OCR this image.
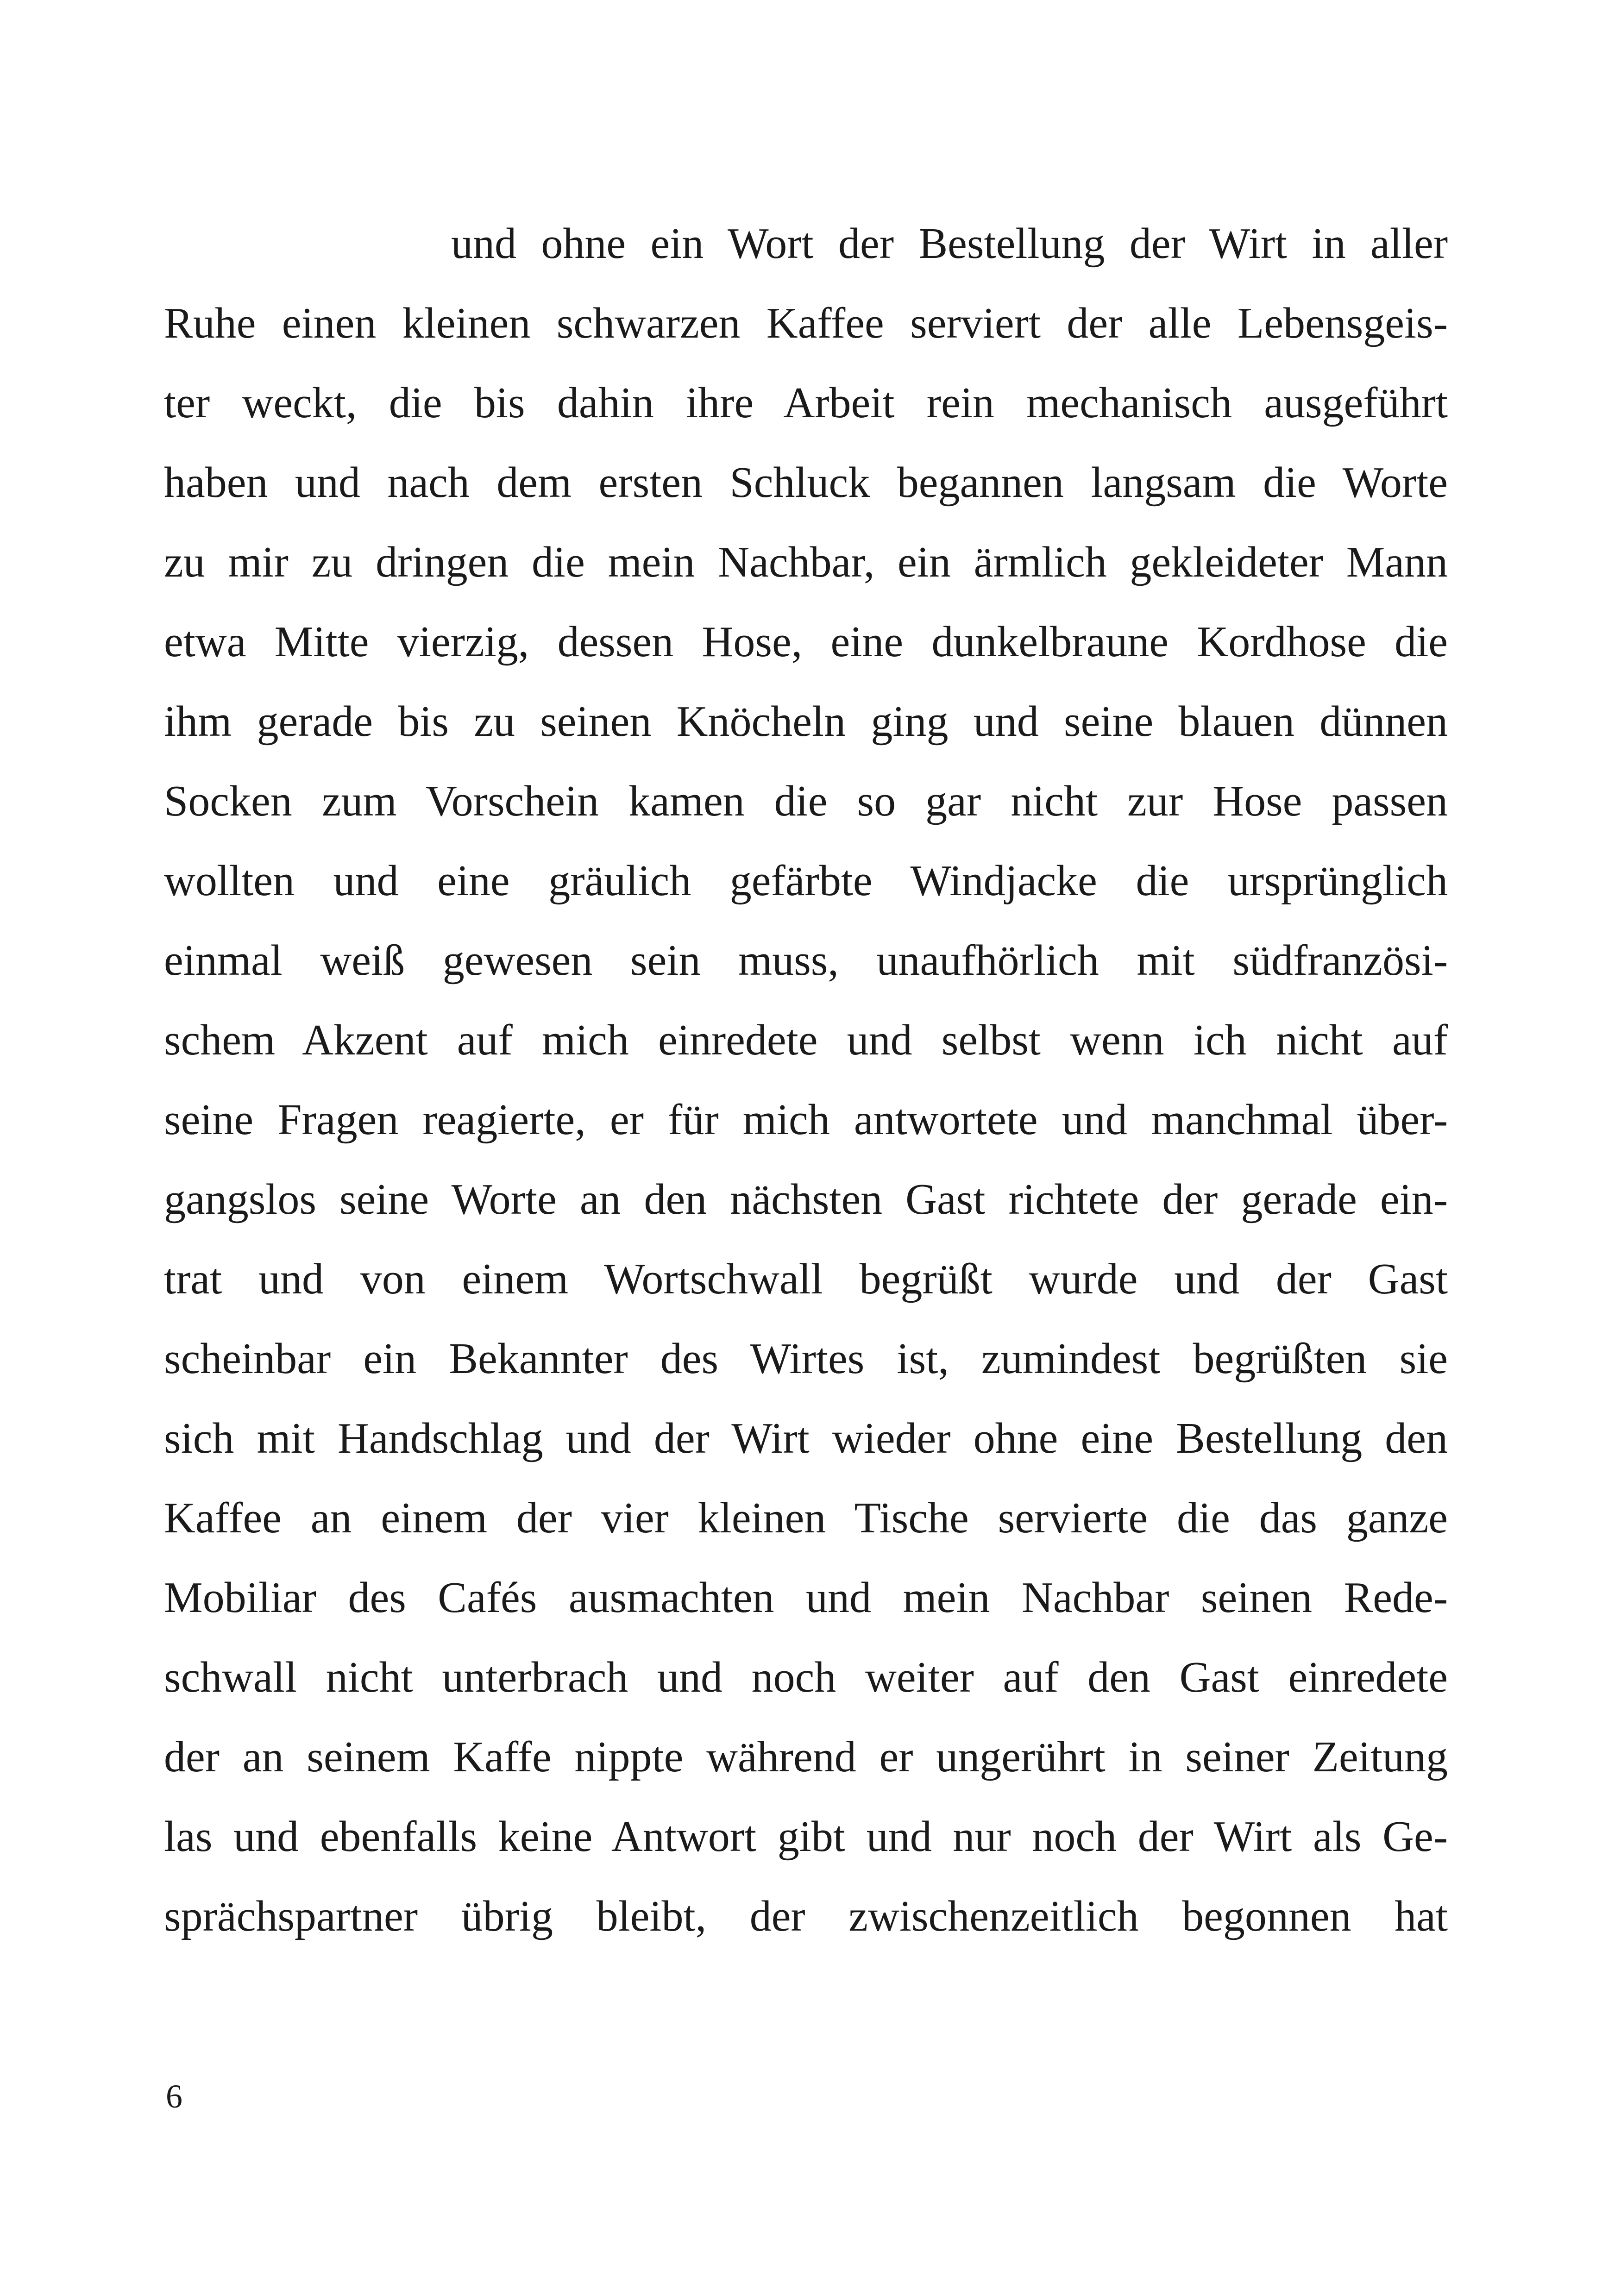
und ohne ein Wort der Bestellung der Wirt in aller
Ruhe einen kleinen schwarzen Kaffee serviert der alle Lebensgeis-
ter weckt, die bis dahin ihre Arbeit rein mechanisch ausgeführt
haben und nach dem ersten Schluck begannen langsam die Worte
zu mir zu dringen die mein Nachbar, ein ärmlich gekleideter Mann
etwa Mitte vierzig, dessen Hose, eine dunkelbraune Kordhose die
ihm gerade bis zu seinen Knöcheln ging und seine blauen dünnen
Socken zum Vorschein kamen die so gar nicht zur Hose passen
wollten und eine gräulich gefärbte Windjacke die ursprünglich
einmal weiß gewesen sein muss, unaufhörlich mit südfranzösi-
schem Akzent auf mich einredete und selbst wenn ich nicht auf
seine Fragen reagierte, er für mich antwortete und manchmal über-
gangslos seine Worte an den nächsten Gast richtete der gerade ein-
trat und von einem Wortschwall begrüßt wurde und der Gast
scheinbar ein Bekannter des Wirtes ist, zumindest begrüßten sie
sich mit Handschlag und der Wirt wieder ohne eine Bestellung den
Kaffee an einem der vier kleinen Tische servierte die das ganze
Mobiliar des Cafés ausmachten und mein Nachbar seinen Rede-
schwall nicht unterbrach und noch weiter auf den Gast einredete
der an seinem Kaffe nippte während er ungerührt in seiner Zeitung
las und ebenfalls keine Antwort gibt und nur noch der Wirt als Ge-
sprächspartner übrig bleibt, der zwischenzeitlich begonnen hat
6
